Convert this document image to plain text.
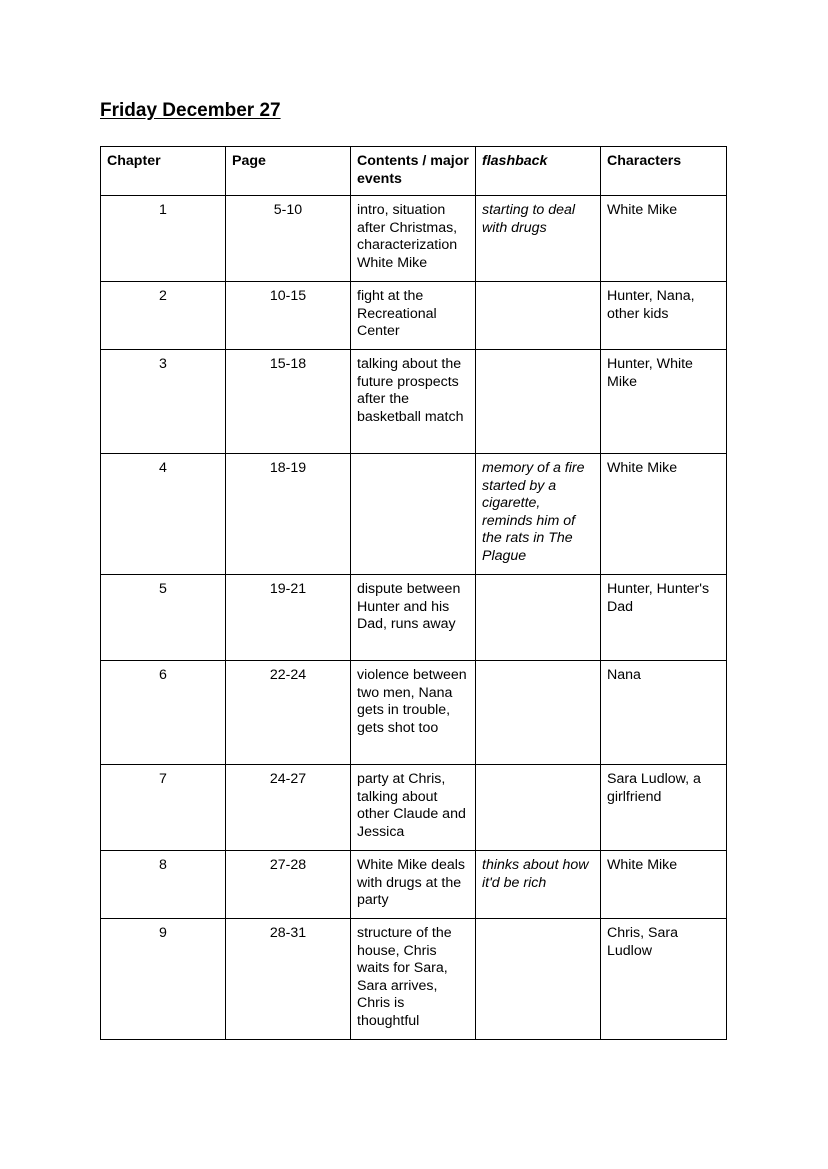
Friday December 27
Chapter	Page	Contents / major events	flashback	Characters
1	5-10	intro, situation after Christmas, characterization White Mike	starting to deal with drugs	White Mike
2	10-15	fight at the Recreational Center		Hunter, Nana, other kids
3	15-18	talking about the future prospects after the basketball match		Hunter, White Mike
4	18-19		memory of a fire started by a cigarette, reminds him of the rats in The Plague	White Mike
5	19-21	dispute between Hunter and his Dad, runs away		Hunter, Hunter's Dad
6	22-24	violence between two men, Nana gets in trouble, gets shot too		Nana
7	24-27	party at Chris, talking about other Claude and Jessica		Sara Ludlow, a girlfriend
8	27-28	White Mike deals with drugs at the party	thinks about how it'd be rich	White Mike
9	28-31	structure of the house, Chris waits for Sara, Sara arrives, Chris is thoughtful		Chris, Sara Ludlow
